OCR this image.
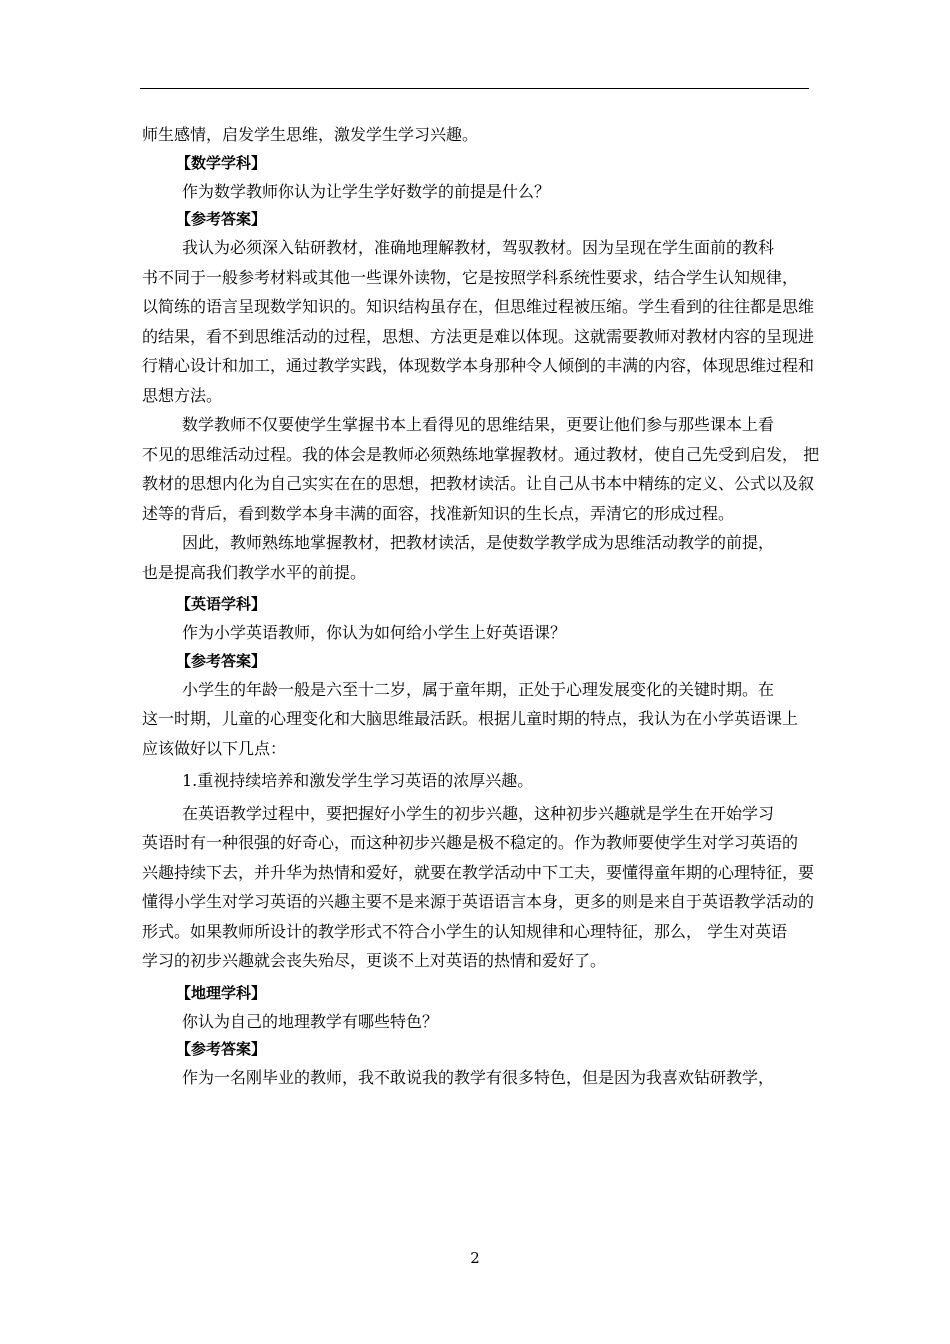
师生感情，启发学生思维，激发学生学习兴趣。

【数学学科】

作为数学教师你认为让学生学好数学的前提是什么？

【参考答案】

我认为必须深入钻研教材，准确地理解教材，驾驭教材。因为呈现在学生面前的教科
书不同于一般参考材料或其他一些课外读物，它是按照学科系统性要求，结合学生认知规律，
以简练的语言呈现数学知识的。知识结构虽存在，但思维过程被压缩。学生看到的往往都是思维
的结果，看不到思维活动的过程，思想、方法更是难以体现。这就需要教师对教材内容的呈现进
行精心设计和加工，通过教学实践，体现数学本身那种令人倾倒的丰满的内容，体现思维过程和
思想方法。
数学教师不仅要使学生掌握书本上看得见的思维结果，更要让他们参与那些课本上看
不见的思维活动过程。我的体会是教师必须熟练地掌握教材。通过教材，使自己先受到启发， 把
教材的思想内化为自己实实在在的思想，把教材读活。让自己从书本中精练的定义、公式以及叙
述等的背后，看到数学本身丰满的面容，找准新知识的生长点，弄清它的形成过程。
因此，教师熟练地掌握教材，把教材读活，是使数学教学成为思维活动教学的前提，
也是提高我们教学水平的前提。

【英语学科】

作为小学英语教师，你认为如何给小学生上好英语课？

【参考答案】

小学生的年龄一般是六至十二岁，属于童年期，正处于心理发展变化的关键时期。在
这一时期，儿童的心理变化和大脑思维最活跃。根据儿童时期的特点，我认为在小学英语课上
应该做好以下几点：

1.重视持续培养和激发学生学习英语的浓厚兴趣。

在英语教学过程中，要把握好小学生的初步兴趣，这种初步兴趣就是学生在开始学习
英语时有一种很强的好奇心，而这种初步兴趣是极不稳定的。作为教师要使学生对学习英语的
兴趣持续下去，并升华为热情和爱好，就要在教学活动中下工夫，要懂得童年期的心理特征，要
懂得小学生对学习英语的兴趣主要不是来源于英语语言本身，更多的则是来自于英语教学活动的
形式。如果教师所设计的教学形式不符合小学生的认知规律和心理特征，那么， 学生对英语
学习的初步兴趣就会丧失殆尽，更谈不上对英语的热情和爱好了。

【地理学科】

你认为自己的地理教学有哪些特色？

【参考答案】

作为一名刚毕业的教师，我不敢说我的教学有很多特色，但是因为我喜欢钻研教学，
2
